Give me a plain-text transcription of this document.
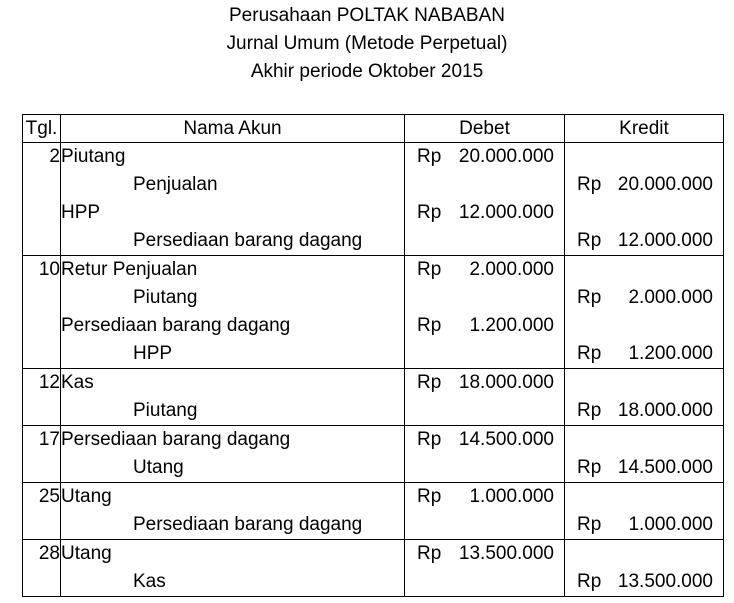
Perusahaan POLTAK NABABAN
Jurnal Umum (Metode Perpetual)
Akhir periode Oktober 2015
Tgl.	Nama Akun	Debet	Kredit
2	Piutang	Rp 20.000.000	

	Penjualan		Rp 20.000.000

	HPP	Rp 12.000.000	

	Persediaan barang dagang		Rp 12.000.000

10	Retur Penjualan	Rp 2.000.000	

	Piutang		Rp 2.000.000

	Persediaan barang dagang	Rp 1.200.000	

	HPP		Rp 1.200.000

12	Kas	Rp 18.000.000	

	Piutang		Rp 18.000.000

17	Persediaan barang dagang	Rp 14.500.000	

	Utang		Rp 14.500.000

25	Utang	Rp 1.000.000	

	Persediaan barang dagang		Rp 1.000.000

28	Utang	Rp 13.500.000	

	Kas		Rp 13.500.000
